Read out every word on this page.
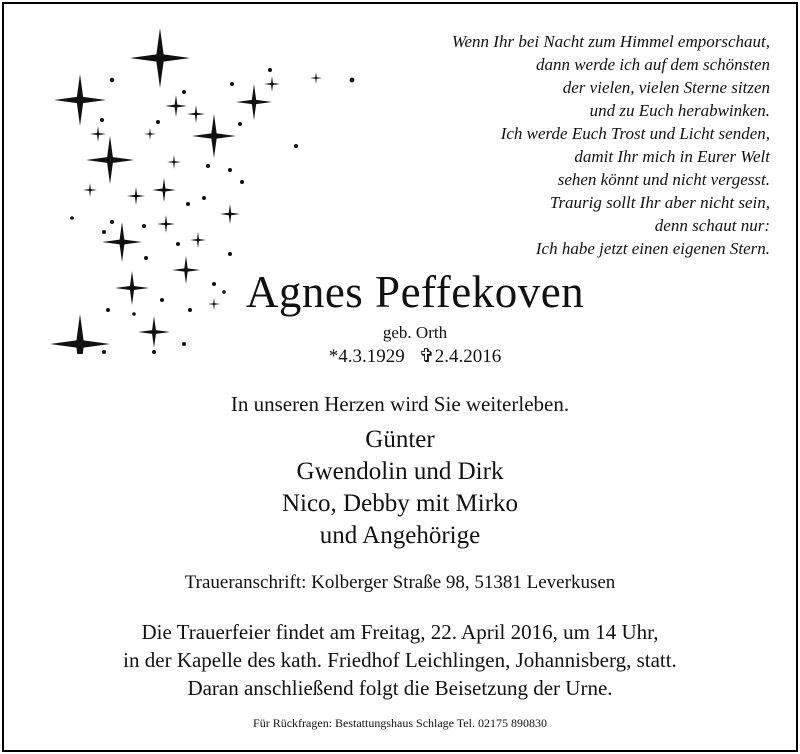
Wenn Ihr bei Nacht zum Himmel emporschaut,
dann werde ich auf dem schönsten
der vielen, vielen Sterne sitzen
und zu Euch herabwinken.
Ich werde Euch Trost und Licht senden,
damit Ihr mich in Eurer Welt
sehen könnt und nicht vergesst.
Traurig sollt Ihr aber nicht sein,
denn schaut nur:
Ich habe jetzt einen eigenen Stern.
Agnes Peffekoven
geb. Orth
*4.3.1929 ✞2.4.2016
In unseren Herzen wird Sie weiterleben.
Günter
Gwendolin und Dirk
Nico, Debby mit Mirko
und Angehörige
Traueranschrift: Kolberger Straße 98, 51381 Leverkusen
Die Trauerfeier findet am Freitag, 22. April 2016, um 14 Uhr,
in der Kapelle des kath. Friedhof Leichlingen, Johannisberg, statt.
Daran anschließend folgt die Beisetzung der Urne.
Für Rückfragen: Bestattungshaus Schlage Tel. 02175 890830
